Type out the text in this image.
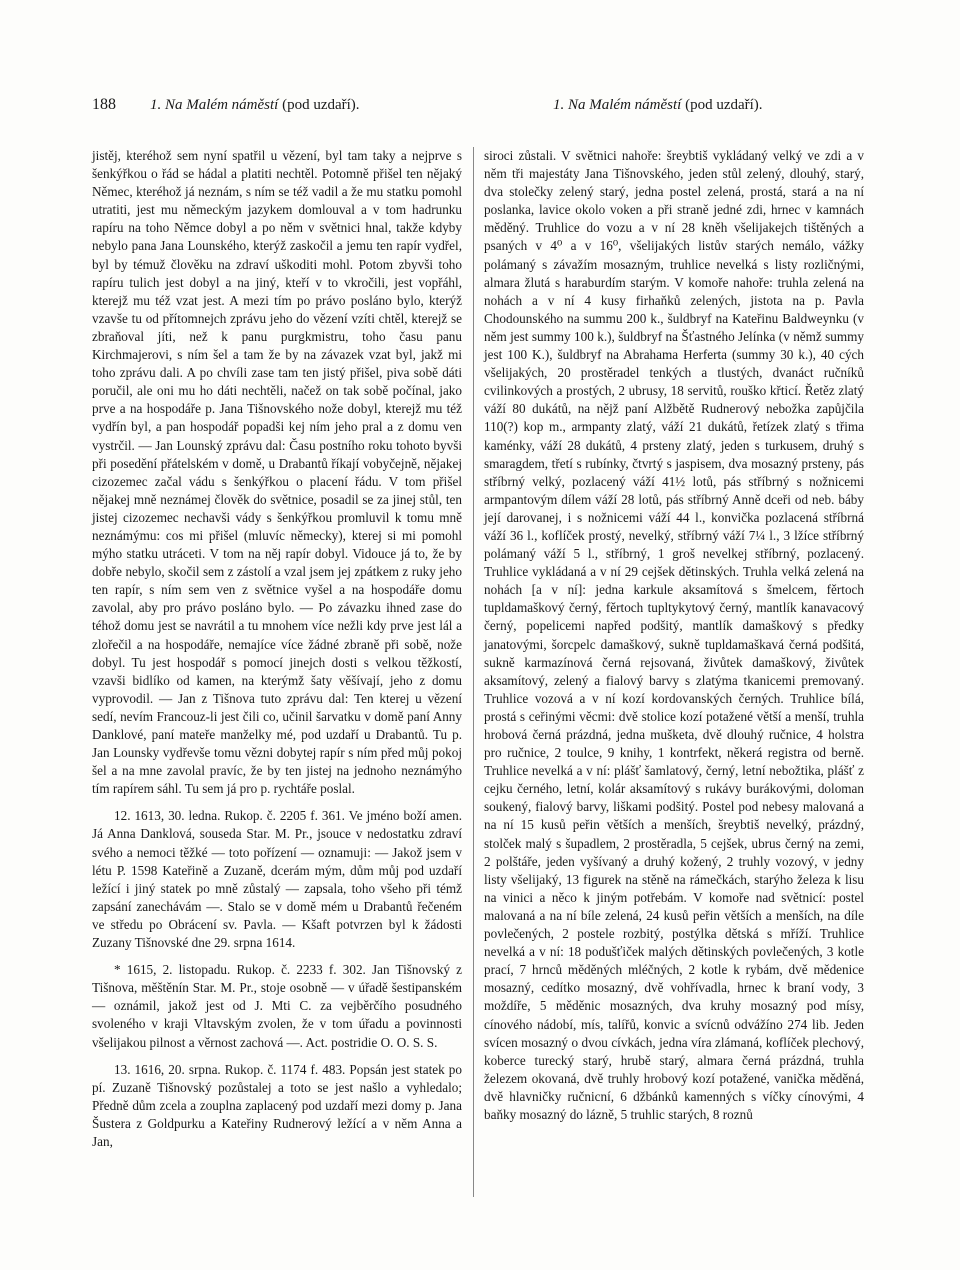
188 1. Na Malém náměstí (pod uzdaří).	1. Na Malém náměstí (pod uzdaří).

jistěj, kteréhož sem nyní spatřil u vězení, byl tam taky a nejprve s šenkýřkou o řád se hádal a platiti nechtěl. Potomně přišel ten nějaký Němec, kteréhož já neznám, s ním se též vadil a že mu statku pomohl utratiti, jest mu německým jazykem domlouval a v tom hadrunku rapíru na toho Němce dobyl a po něm v světnici hnal, takže kdyby nebylo pana Jana Lounského, kterýž zaskočil a jemu ten rapír vydřel, byl by témuž člověku na zdraví uškoditi mohl. Potom zbyvši toho rapíru tulich jest dobyl a na jiný, kteří v to vkročili, jest vopřáhl, kterejž mu též vzat jest. A mezi tím po právo posláno bylo, kterýž vzavše tu od přítomnejch zprávu jeho do vězení vzíti chtěl, kterejž se zbraňoval jíti, než k panu purgkmistru, toho času panu Kirchmajerovi, s ním šel a tam že by na závazek vzat byl, jakž mi toho zprávu dali. A po chvíli zase tam ten jistý přišel, piva sobě dáti poručil, ale oni mu ho dáti nechtěli, načež on tak sobě počínal, jako prve a na hospodáře p. Jana Tišnovského nože dobyl, kterejž mu též vydřín byl, a pan hospodář popadši kej ním jeho pral a z domu ven vystrčil. — Jan Lounský zprávu dal: Času postního roku tohoto byvši při posedění přátelském v domě, u Drabantů říkají vobyčejně, nějakej cizozemec začal vádu s šenkýřkou o placení řádu. V tom přišel nějakej mně neznámej člověk do světnice, posadil se za jinej stůl, ten jistej cizozemec nechavši vády s šenkýřkou promluvil k tomu mně neznámýmu: cos mi přišel (mluvíc německy), kterej si mi pomohl mýho statku utráceti. V tom na něj rapír dobyl. Vidouce já to, že by dobře nebylo, skočil sem z zástolí a vzal jsem jej zpátkem z ruky jeho ten rapír, s ním sem ven z světnice vyšel a na hospodáře domu zavolal, aby pro právo posláno bylo. — Po závazku ihned zase do téhož domu jest se navrátil a tu mnohem více nežli kdy prve jest lál a zlořečil a na hospodáře, nemajíce více žádné zbraně při sobě, nože dobyl. Tu jest hospodář s pomocí jinejch dosti s velkou těžkostí, vzavši bidlíko od kamen, na kterýmž šaty věšívají, jeho z domu vyprovodil. — Jan z Tišnova tuto zprávu dal: Ten kterej u vězení sedí, nevím Francouz-li jest čili co, učinil šarvatku v domě paní Anny Danklové, paní mateře manželky mé, pod uzdaří u Drabantů. Tu p. Jan Lounsky vydřevše tomu vězni dobytej rapír s ním před můj pokoj šel a na mne zavolal pravíc, že by ten jistej na jednoho neznámýho tím rapírem sáhl. Tu sem já pro p. rychtáře poslal.

12. 1613, 30. ledna. Rukop. č. 2205 f. 361. Ve jméno boží amen. Já Anna Danklová, souseda Star. M. Pr., jsouce v nedostatku zdraví svého a nemoci těžké — toto pořízení — oznamuji: — Jakož jsem v létu P. 1598 Kateřině a Zuzaně, dcerám mým, dům můj pod uzdaří ležící i jiný statek po mně zůstalý — zapsala, toho všeho při témž zapsání zanechávám —. Stalo se v domě mém u Drabantů řečeném ve středu po Obrácení sv. Pavla. — Kšaft potvrzen byl k žádosti Zuzany Tišnovské dne 29. srpna 1614.

* 1615, 2. listopadu. Rukop. č. 2233 f. 302. Jan Tišnovský z Tišnova, měštěnín Star. M. Pr., stoje osobně — v úřadě šestipanském — oznámil, jakož jest od J. Mti C. za vejběrčího posudného svoleného v kraji Vltavským zvolen, že v tom úřadu a povinnosti všelijakou pilnost a věrnost zachová —. Act. postridie O. O. S. S.

13. 1616, 20. srpna. Rukop. č. 1174 f. 483. Popsán jest statek po pí. Zuzaně Tišnovský pozůstalej a toto se jest našlo a vyhledalo; Předně dům zcela a zouplna zaplacený pod uzdaří mezi domy p. Jana Šustera z Goldpurku a Kateřiny Rudnerový ležící a v něm Anna a Jan,

siroci zůstali. V světnici nahoře: šreybtiš vykládaný velký ve zdi a v něm tři majestáty Jana Tišnovského, jeden stůl zelený, dlouhý, starý, dva stolečky zelený starý, jedna postel zelená, prostá, stará a na ní poslanka, lavice okolo voken a při straně jedné zdi, hrnec v kamnách měděný. Truhlice do vozu a v ní 28 kněh všelijakejch tištěných a psaných v 4⁰ a v 16⁰, všelijakých listův starých nemálo, vážky polámaný s závažím mosazným, truhlice nevelká s listy rozličnými, almara žlutá s haraburdím starým. V komoře nahoře: truhla zelená na nohách a v ní 4 kusy firhaňků zelených, jistota na p. Pavla Chodounského na summu 200 k., šuldbryf na Kateřinu Baldweynku (v něm jest summy 100 k.), šuldbryf na Šťastného Jelínka (v němž summy jest 100 K.), šuldbryf na Abrahama Herferta (summy 30 k.), 40 cých všelijakých, 20 prostěradel tenkých a tlustých, dvanáct ručníků cvilinkových a prostých, 2 ubrusy, 18 servitů, rouško křticí. Řetěz zlatý váží 80 dukátů, na nějž paní Alžbětě Rudnerový nebožka zapůjčila 110(?) kop m., armpanty zlatý, váží 21 dukátů, řetízek zlatý s třima kaménky, váží 28 dukátů, 4 prsteny zlatý, jeden s turkusem, druhý s smaragdem, třetí s rubínky, čtvrtý s jaspisem, dva mosazný prsteny, pás stříbrný velký, pozlacený váží 41½ lotů, pás stříbrný s nožnicemi armpantovým dílem váží 28 lotů, pás stříbrný Anně dceři od neb. báby její darovanej, i s nožnicemi váží 44 l., konvička pozlacená stříbrná váží 36 l., koflíček prostý, nevelký, stříbrný váží 7¼ l., 3 lžíce stříbrný polámaný váží 5 l., stříbrný, 1 groš nevelkej stříbrný, pozlacený. Truhlice vykládaná a v ní 29 cejšek dětinských. Truhla velká zelená na nohách [a v ní]: jedna karkule aksamítová s šmelcem, fěrtoch tupldamaškový černý, fěrtoch tupltykytový černý, mantlík kanavacový černý, popelicemi napřed podšitý, mantlík damaškový s předky janatovými, šorcpelc damaškový, sukně tupldamaškavá černá podšitá, sukně karmazínová černá rejsovaná, živůtek damaškový, živůtek aksamítový, zelený a fialový barvy s zlatýma tkanicemi premovaný. Truhlice vozová a v ní kozí kordovanských černých. Truhlice bílá, prostá s ceřinými věcmi: dvě stolice kozí potažené větší a menší, truhla hrobová černá prázdná, jedna mušketa, dvě dlouhý ručnice, 4 holstra pro ručnice, 2 toulce, 9 knihy, 1 kontrfekt, někerá registra od berně. Truhlice nevelká a v ní: plášť šamlatový, černý, letní nebožtika, plášť z cejku černého, letní, kolár aksamítový s rukávy burákovými, doloman soukený, fialový barvy, liškami podšitý. Postel pod nebesy malovaná a na ní 15 kusů peřin větších a menších, šreybtiš nevelký, prázdný, stolček malý s šupadlem, 2 prostěradla, 5 cejšek, ubrus černý na zemi, 2 polštáře, jeden vyšívaný a druhý kožený, 2 truhly vozový, v jedny listy všelijaký, 13 figurek na stěně na rámečkách, starýho železa k lisu na vinici a něco k jiným potřebám. V komoře nad světnicí: postel malovaná a na ní bíle zelená, 24 kusů peřin větších a menších, na díle povlečených, 2 postele rozbitý, postýlka dětská s mříží. Truhlice nevelká a v ní: 18 podušťiček malých dětinských povlečených, 3 kotle prací, 7 hrnců měděných mléčných, 2 kotle k rybám, dvě mědenice mosazný, cedítko mosazný, dvě vohřívadla, hrnec k braní vody, 3 moždíře, 5 měděnic mosazných, dva kruhy mosazný pod mísy, cínového nádobí, mís, talířů, konvic a svícnů odvážíno 274 lib. Jeden svícen mosazný o dvou cívkách, jedna víra zlámaná, koflíček plechový, koberce turecký starý, hrubě starý, almara černá prázdná, truhla železem okovaná, dvě truhly hrobový kozí potažené, vanička měděná, dvě hlavničky ručnicní, 6 džbánků kamenných s víčky cínovými, 4 baňky mosazný do lázně, 5 truhlic starých, 8 roznů
